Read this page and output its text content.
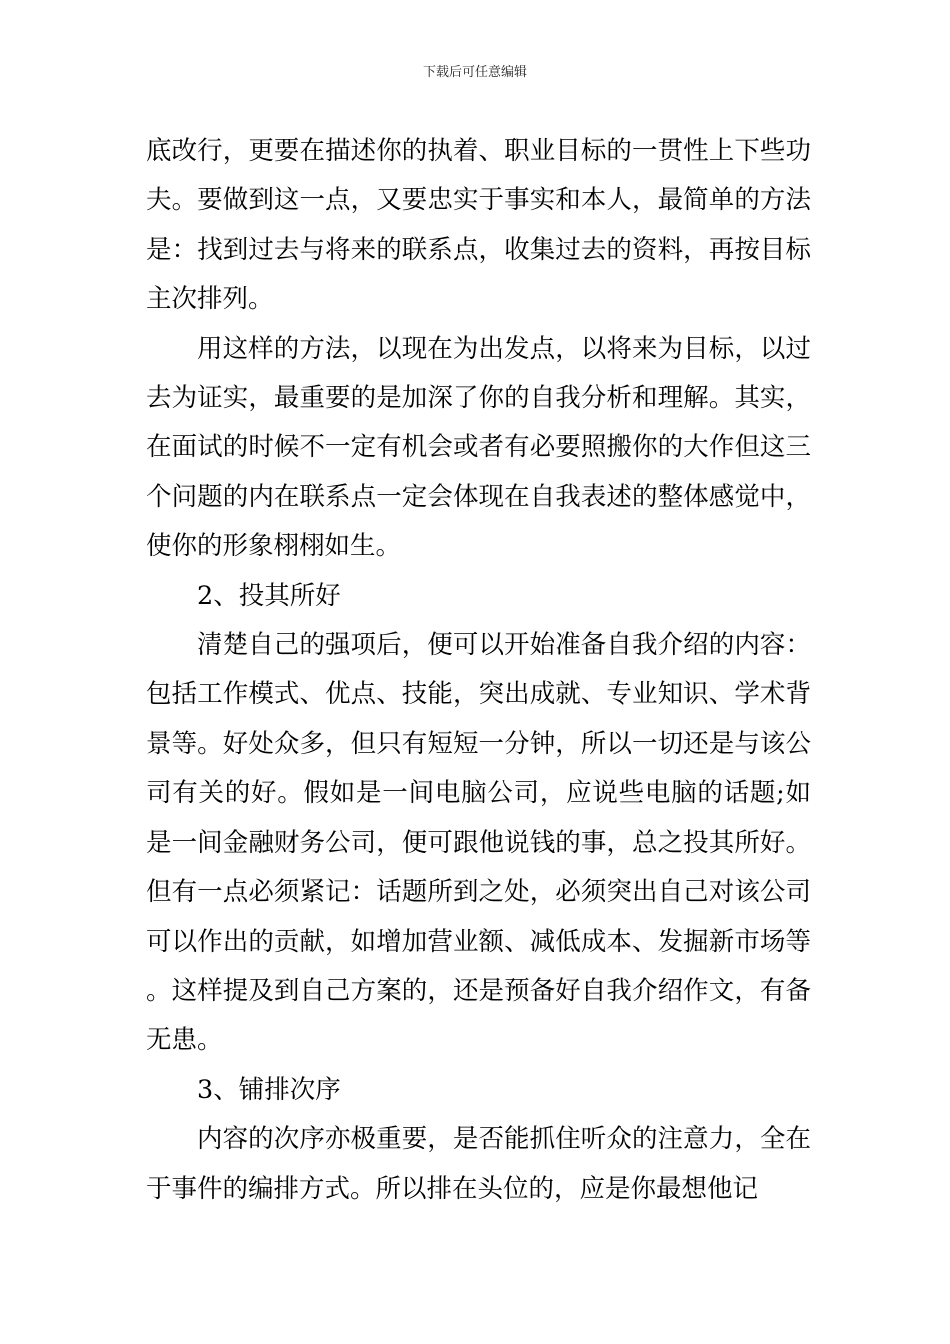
下载后可任意编辑

底改行，更要在描述你的执着、职业目标的一贯性上下些功夫。要做到这一点，又要忠实于事实和本人，最简单的方法是：找到过去与将来的联系点，收集过去的资料，再按目标主次排列。

用这样的方法，以现在为出发点，以将来为目标，以过去为证实，最重要的是加深了你的自我分析和理解。其实，在面试的时候不一定有机会或者有必要照搬你的大作但这三个问题的内在联系点一定会体现在自我表述的整体感觉中，使你的形象栩栩如生。

2、投其所好

清楚自己的强项后，便可以开始准备自我介绍的内容：包括工作模式、优点、技能，突出成就、专业知识、学术背景等。好处众多，但只有短短一分钟，所以一切还是与该公司有关的好。假如是一间电脑公司，应说些电脑的话题;如是一间金融财务公司，便可跟他说钱的事，总之投其所好。但有一点必须紧记：话题所到之处，必须突出自己对该公司可以作出的贡献，如增加营业额、减低成本、发掘新市场等。这样提及到自己方案的，还是预备好自我介绍作文，有备无患。

3、铺排次序

内容的次序亦极重要，是否能抓住听众的注意力，全在于事件的编排方式。所以排在头位的，应是你最想他记
